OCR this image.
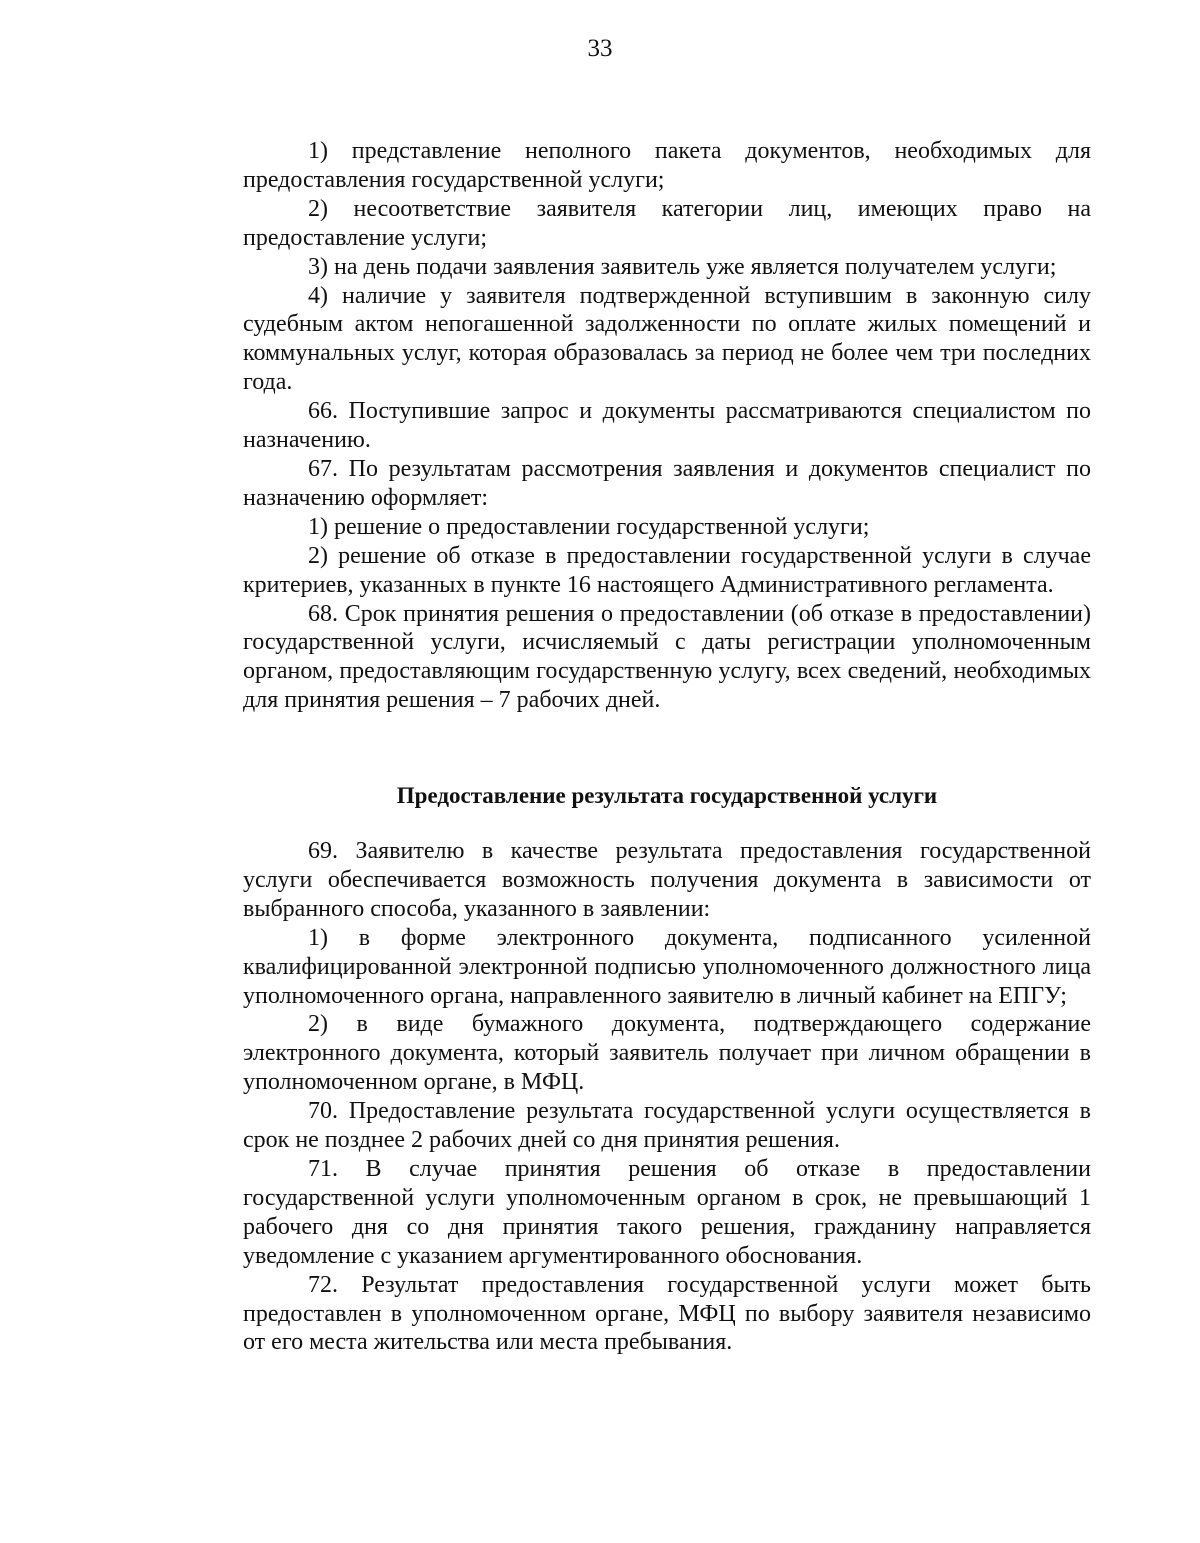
33

1) представление неполного пакета документов, необходимых для предоставления государственной услуги;

2) несоответствие заявителя категории лиц, имеющих право на предоставление услуги;

3) на день подачи заявления заявитель уже является получателем услуги;

4) наличие у заявителя подтвержденной вступившим в законную силу судебным актом непогашенной задолженности по оплате жилых помещений и коммунальных услуг, которая образовалась за период не более чем три последних года.

66. Поступившие запрос и документы рассматриваются специалистом по назначению.

67. По результатам рассмотрения заявления и документов специалист по назначению оформляет:

1) решение о предоставлении государственной услуги;

2) решение об отказе в предоставлении государственной услуги в случае критериев, указанных в пункте 16 настоящего Административного регламента.

68. Срок принятия решения о предоставлении (об отказе в предоставлении) государственной услуги, исчисляемый с даты регистрации уполномоченным органом, предоставляющим государственную услугу, всех сведений, необходимых для принятия решения – 7 рабочих дней.

Предоставление результата государственной услуги

69. Заявителю в качестве результата предоставления государственной услуги обеспечивается возможность получения документа в зависимости от выбранного способа, указанного в заявлении:

1) в форме электронного документа, подписанного усиленной квалифицированной электронной подписью уполномоченного должностного лица уполномоченного органа, направленного заявителю в личный кабинет на ЕПГУ;

2) в виде бумажного документа, подтверждающего содержание электронного документа, который заявитель получает при личном обращении в уполномоченном органе, в МФЦ.

70. Предоставление результата государственной услуги осуществляется в срок не позднее 2 рабочих дней со дня принятия решения.

71. В случае принятия решения об отказе в предоставлении государственной услуги уполномоченным органом в срок, не превышающий 1 рабочего дня со дня принятия такого решения, гражданину направляется уведомление с указанием аргументированного обоснования.

72. Результат предоставления государственной услуги может быть предоставлен в уполномоченном органе, МФЦ по выбору заявителя независимо от его места жительства или места пребывания.
